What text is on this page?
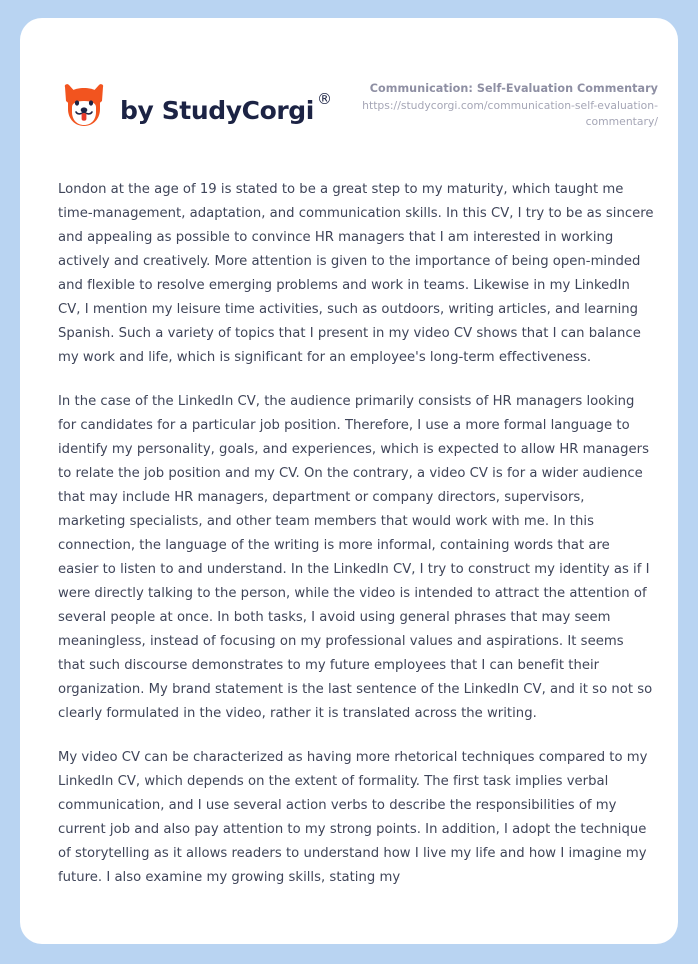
by StudyCorgi ®
Communication: Self-Evaluation Commentary
https://studycorgi.com/communication-self-evaluation-commentary/

London at the age of 19 is stated to be a great step to my maturity, which taught me time-management, adaptation, and communication skills. In this CV, I try to be as sincere and appealing as possible to convince HR managers that I am interested in working actively and creatively. More attention is given to the importance of being open-minded and flexible to resolve emerging problems and work in teams. Likewise in my LinkedIn CV, I mention my leisure time activities, such as outdoors, writing articles, and learning Spanish. Such a variety of topics that I present in my video CV shows that I can balance my work and life, which is significant for an employee's long-term effectiveness.

In the case of the LinkedIn CV, the audience primarily consists of HR managers looking for candidates for a particular job position. Therefore, I use a more formal language to identify my personality, goals, and experiences, which is expected to allow HR managers to relate the job position and my CV. On the contrary, a video CV is for a wider audience that may include HR managers, department or company directors, supervisors, marketing specialists, and other team members that would work with me. In this connection, the language of the writing is more informal, containing words that are easier to listen to and understand. In the LinkedIn CV, I try to construct my identity as if I were directly talking to the person, while the video is intended to attract the attention of several people at once. In both tasks, I avoid using general phrases that may seem meaningless, instead of focusing on my professional values and aspirations. It seems that such discourse demonstrates to my future employees that I can benefit their organization. My brand statement is the last sentence of the LinkedIn CV, and it so not so clearly formulated in the video, rather it is translated across the writing.

My video CV can be characterized as having more rhetorical techniques compared to my LinkedIn CV, which depends on the extent of formality. The first task implies verbal communication, and I use several action verbs to describe the responsibilities of my current job and also pay attention to my strong points. In addition, I adopt the technique of storytelling as it allows readers to understand how I live my life and how I imagine my future. I also examine my growing skills, stating my
